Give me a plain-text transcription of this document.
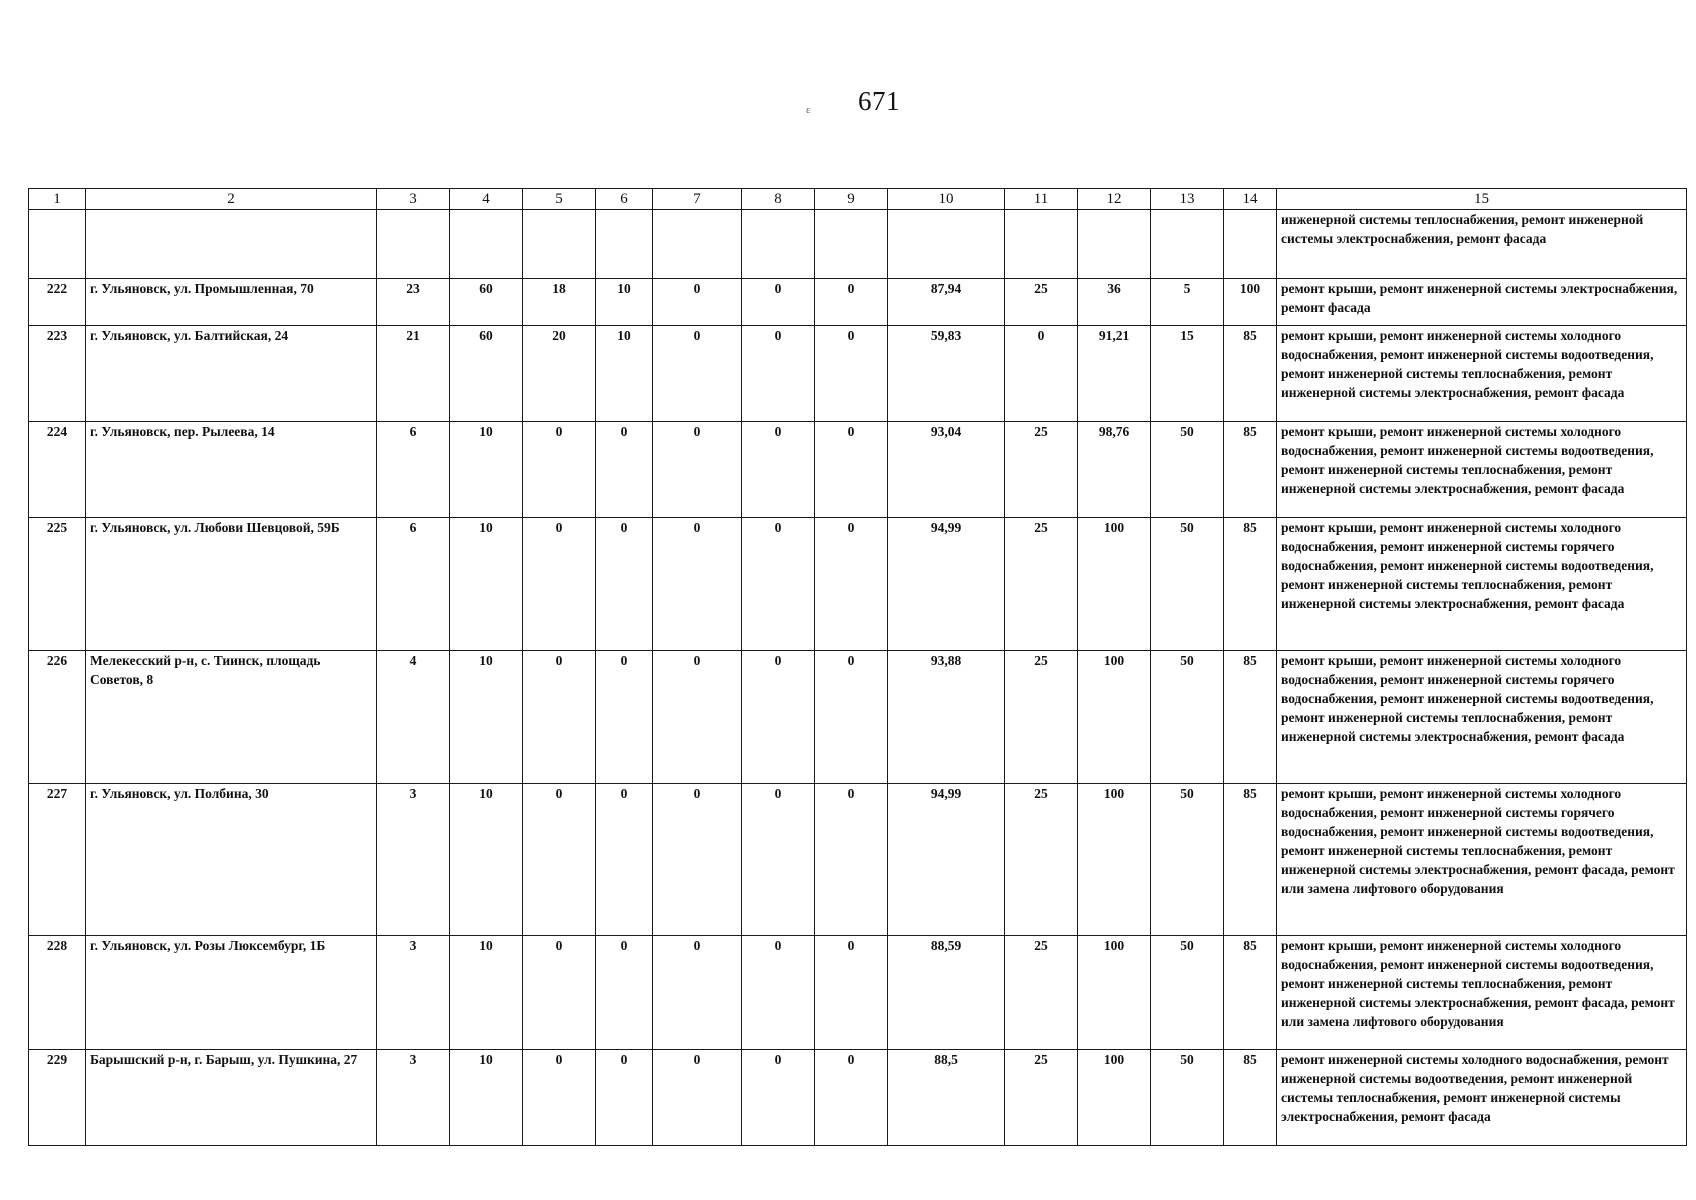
ε 671
1	2	3	4	5	6	7	8	9	10	11	12	13	14	15
														инженерной системы теплоснабжения, ремонт инженерной системы электроснабжения, ремонт фасада
222	г. Ульяновск, ул. Промышленная, 70	23	60	18	10	0	0	0	87,94	25	36	5	100	ремонт крыши, ремонт инженерной системы электроснабжения, ремонт фасада
223	г. Ульяновск, ул. Балтийская, 24	21	60	20	10	0	0	0	59,83	0	91,21	15	85	ремонт крыши, ремонт инженерной системы холодного водоснабжения, ремонт инженерной системы водоотведения, ремонт инженерной системы теплоснабжения, ремонт инженерной системы электроснабжения, ремонт фасада
224	г. Ульяновск, пер. Рылеева, 14	6	10	0	0	0	0	0	93,04	25	98,76	50	85	ремонт крыши, ремонт инженерной системы холодного водоснабжения, ремонт инженерной системы водоотведения, ремонт инженерной системы теплоснабжения, ремонт инженерной системы электроснабжения, ремонт фасада
225	г. Ульяновск, ул. Любови Шевцовой, 59Б	6	10	0	0	0	0	0	94,99	25	100	50	85	ремонт крыши, ремонт инженерной системы холодного водоснабжения, ремонт инженерной системы горячего водоснабжения, ремонт инженерной системы водоотведения, ремонт инженерной системы теплоснабжения, ремонт инженерной системы электроснабжения, ремонт фасада
226	Мелекесский р-н, с. Тиинск, площадь Советов, 8	4	10	0	0	0	0	0	93,88	25	100	50	85	ремонт крыши, ремонт инженерной системы холодного водоснабжения, ремонт инженерной системы горячего водоснабжения, ремонт инженерной системы водоотведения, ремонт инженерной системы теплоснабжения, ремонт инженерной системы электроснабжения, ремонт фасада
227	г. Ульяновск, ул. Полбина, 30	3	10	0	0	0	0	0	94,99	25	100	50	85	ремонт крыши, ремонт инженерной системы холодного водоснабжения, ремонт инженерной системы горячего водоснабжения, ремонт инженерной системы водоотведения, ремонт инженерной системы теплоснабжения, ремонт инженерной системы электроснабжения, ремонт фасада, ремонт или замена лифтового оборудования
228	г. Ульяновск, ул. Розы Люксембург, 1Б	3	10	0	0	0	0	0	88,59	25	100	50	85	ремонт крыши, ремонт инженерной системы холодного водоснабжения, ремонт инженерной системы водоотведения, ремонт инженерной системы теплоснабжения, ремонт инженерной системы электроснабжения, ремонт фасада, ремонт или замена лифтового оборудования
229	Барышский р-н, г. Барыш, ул. Пушкина, 27	3	10	0	0	0	0	0	88,5	25	100	50	85	ремонт инженерной системы холодного водоснабжения, ремонт инженерной системы водоотведения, ремонт инженерной системы теплоснабжения, ремонт инженерной системы электроснабжения, ремонт фасада
